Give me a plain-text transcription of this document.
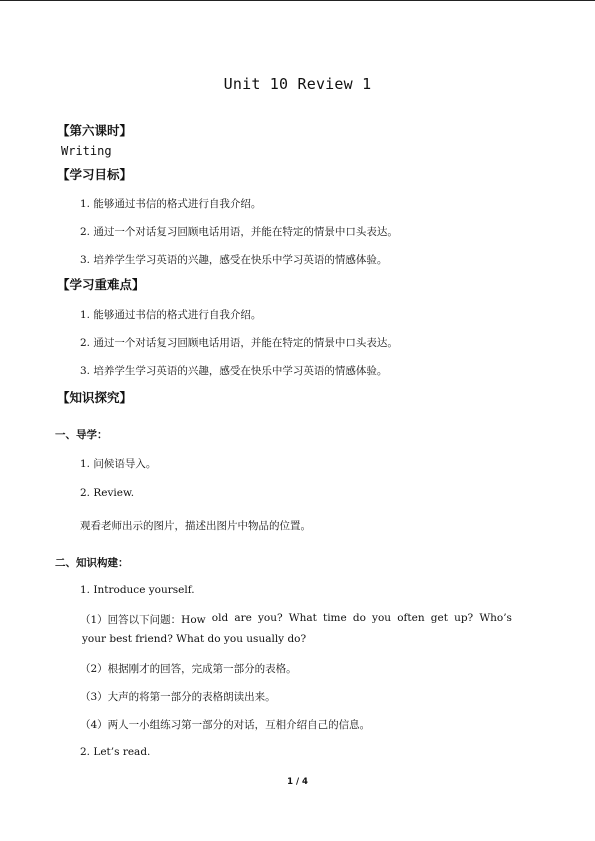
Unit 10 Review 1
【第六课时】
Writing
【学习目标】
1. 能够通过书信的格式进行自我介绍。
2. 通过一个对话复习回顾电话用语，并能在特定的情景中口头表达。
3. 培养学生学习英语的兴趣，感受在快乐中学习英语的情感体验。
【学习重难点】
1. 能够通过书信的格式进行自我介绍。
2. 通过一个对话复习回顾电话用语，并能在特定的情景中口头表达。
3. 培养学生学习英语的兴趣，感受在快乐中学习英语的情感体验。
【知识探究】
一、导学：
1. 问候语导入。
2. Review.
观看老师出示的图片，描述出图片中物品的位置。
二、知识构建：
1. Introduce yourself.
（1）回答以下问题：How old are you? What time do you often get up? Who’s
your best friend? What do you usually do?
（2）根据刚才的回答，完成第一部分的表格。
（3）大声的将第一部分的表格朗读出来。
（4）两人一小组练习第一部分的对话，互相介绍自己的信息。
2. Let’s read.
1 / 4
